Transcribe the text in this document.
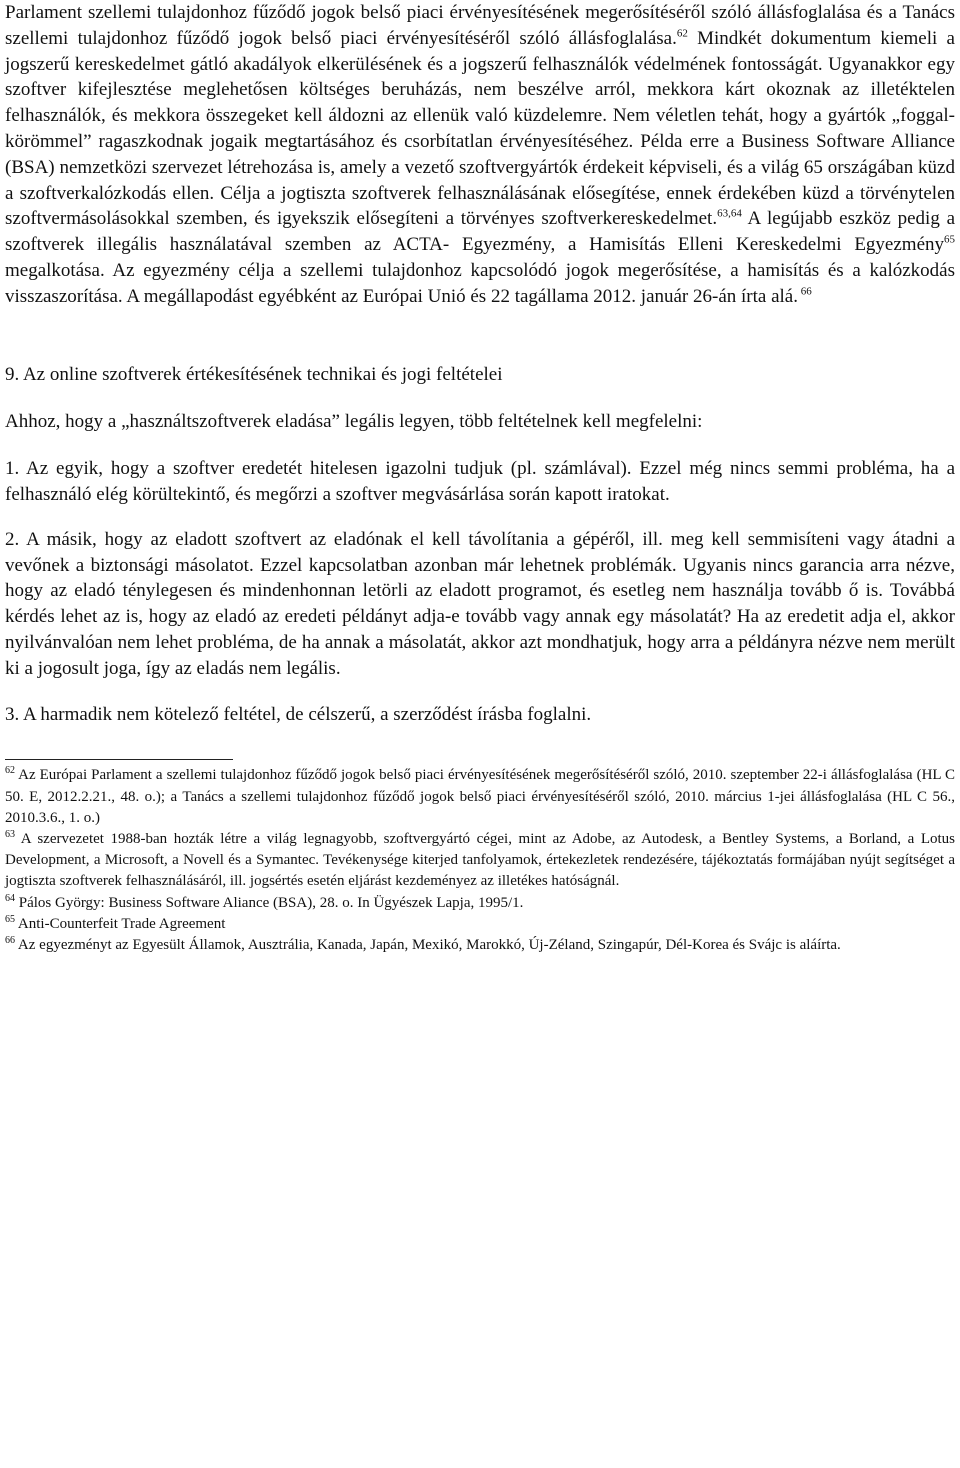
Parlament szellemi tulajdonhoz fűződő jogok belső piaci érvényesítésének megerősítéséről szóló állásfoglalása és a Tanács szellemi tulajdonhoz fűződő jogok belső piaci érvényesítéséről szóló állásfoglalása.$^{62}$ Mindkét dokumentum kiemeli a jogszerű kereskedelmet gátló akadályok elkerülésének és a jogszerű felhasználók védelmének fontosságát. Ugyanakkor egy szoftver kifejlesztése meglehetősen költséges beruházás, nem beszélve arról, mekkora kárt okoznak az illetéktelen felhasználók, és mekkora összegeket kell áldozni az ellenük való küzdelemre. Nem véletlen tehát, hogy a gyártók „foggal-körömmel” ragaszkodnak jogaik megtartásához és csorbítatlan érvényesítéséhez. Példa erre a Business Software Alliance (BSA) nemzetközi szervezet létrehozása is, amely a vezető szoftvergyártók érdekeit képviseli, és a világ 65 országában küzd a szoftverkalózkodás ellen. Célja a jogtiszta szoftverek felhasználásának elősegítése, ennek érdekében küzd a törvénytelen szoftvermásolásokkal szemben, és igyekszik elősegíteni a törvényes szoftverkereskedelmet.$^{63,64}$ A legújabb eszköz pedig a szoftverek illegális használatával szemben az ACTA- Egyezmény, a Hamisítás Elleni Kereskedelmi Egyezmény$^{65}$ megalkotása. Az egyezmény célja a szellemi tulajdonhoz kapcsolódó jogok megerősítése, a hamisítás és a kalózkodás visszaszorítása. A megállapodást egyébként az Európai Unió és 22 tagállama 2012. január 26-án írta alá. $^{66}$

9. Az online szoftverek értékesítésének technikai és jogi feltételei

Ahhoz, hogy a „használtszoftverek eladása” legális legyen, több feltételnek kell megfelelni:

1. Az egyik, hogy a szoftver eredetét hitelesen igazolni tudjuk (pl. számlával). Ezzel még nincs semmi probléma, ha a felhasználó elég körültekintő, és megőrzi a szoftver megvásárlása során kapott iratokat.

2. A másik, hogy az eladott szoftvert az eladónak el kell távolítania a gépéről, ill. meg kell semmisíteni vagy átadni a vevőnek a biztonsági másolatot. Ezzel kapcsolatban azonban már lehetnek problémák. Ugyanis nincs garancia arra nézve, hogy az eladó ténylegesen és mindenhonnan letörli az eladott programot, és esetleg nem használja tovább ő is. Továbbá kérdés lehet az is, hogy az eladó az eredeti példányt adja-e tovább vagy annak egy másolatát? Ha az eredetit adja el, akkor nyilvánvalóan nem lehet probléma, de ha annak a másolatát, akkor azt mondhatjuk, hogy arra a példányra nézve nem merült ki a jogosult joga, így az eladás nem legális.

3. A harmadik nem kötelező feltétel, de célszerű, a szerződést írásba foglalni.

$^{62}$ Az Európai Parlament a szellemi tulajdonhoz fűződő jogok belső piaci érvényesítésének megerősítéséről szóló, 2010. szeptember 22-i állásfoglalása (HL C 50. E, 2012.2.21., 48. o.); a Tanács a szellemi tulajdonhoz fűződő jogok belső piaci érvényesítéséről szóló, 2010. március 1-jei állásfoglalása (HL C 56., 2010.3.6., 1. o.)

$^{63}$ A szervezetet 1988-ban hozták létre a világ legnagyobb, szoftvergyártó cégei, mint az Adobe, az Autodesk, a Bentley Systems, a Borland, a Lotus Development, a Microsoft, a Novell és a Symantec. Tevékenysége kiterjed tanfolyamok, értekezletek rendezésére, tájékoztatás formájában nyújt segítséget a jogtiszta szoftverek felhasználásáról, ill. jogsértés esetén eljárást kezdeményez az illetékes hatóságnál.

$^{64}$ Pálos György: Business Software Aliance (BSA), 28. o. In Ügyészek Lapja, 1995/1.

$^{65}$ Anti-Counterfeit Trade Agreement

$^{66}$ Az egyezményt az Egyesült Államok, Ausztrália, Kanada, Japán, Mexikó, Marokkó, Új-Zéland, Szingapúr, Dél-Korea és Svájc is aláírta.
